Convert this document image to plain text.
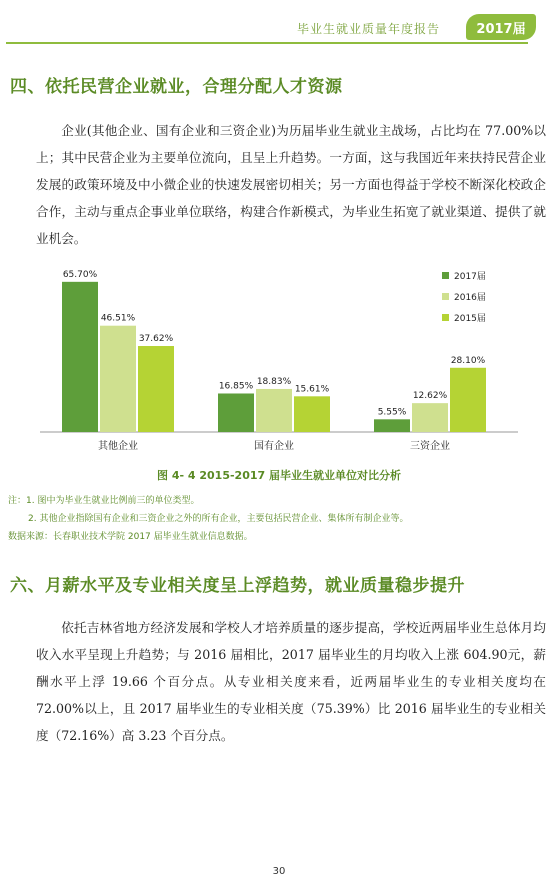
毕业生就业质量年度报告	2017届
四、依托民营企业就业，合理分配人才资源
企业(其他企业、国有企业和三资企业)为历届毕业生就业主战场，占比均在 77.00%以上；其中民营企业为主要单位流向，且呈上升趋势。一方面，这与我国近年来扶持民营企业发展的政策环境及中小微企业的快速发展密切相关；另一方面也得益于学校不断深化校政企合作，主动与重点企事业单位联络，构建合作新模式，为毕业生拓宽了就业渠道、提供了就业机会。
65.70%
46.51%
37.62%
其他企业
16.85% 18.83%
15.61%
国有企业
5.55%
12.62%
28.10%
三资企业
2017届
2016届
2015届
图 4- 4 2015-2017 届毕业生就业单位对比分析
注：1. 图中为毕业生就业比例前三的单位类型。
2. 其他企业指除国有企业和三资企业之外的所有企业，主要包括民营企业、集体所有制企业等。
数据来源：长春职业技术学院 2017 届毕业生就业信息数据。
六、月薪水平及专业相关度呈上浮趋势，就业质量稳步提升
依托吉林省地方经济发展和学校人才培养质量的逐步提高，学校近两届毕业生总体月均收入水平呈现上升趋势；与 2016 届相比，2017 届毕业生的月均收入上涨 604.90元，薪酬水平上浮 19.66 个百分点。从专业相关度来看，近两届毕业生的专业相关度均在 72.00%以上，且 2017 届毕业生的专业相关度（75.39%）比 2016 届毕业生的专业相关度（72.16%）高 3.23 个百分点。
30
